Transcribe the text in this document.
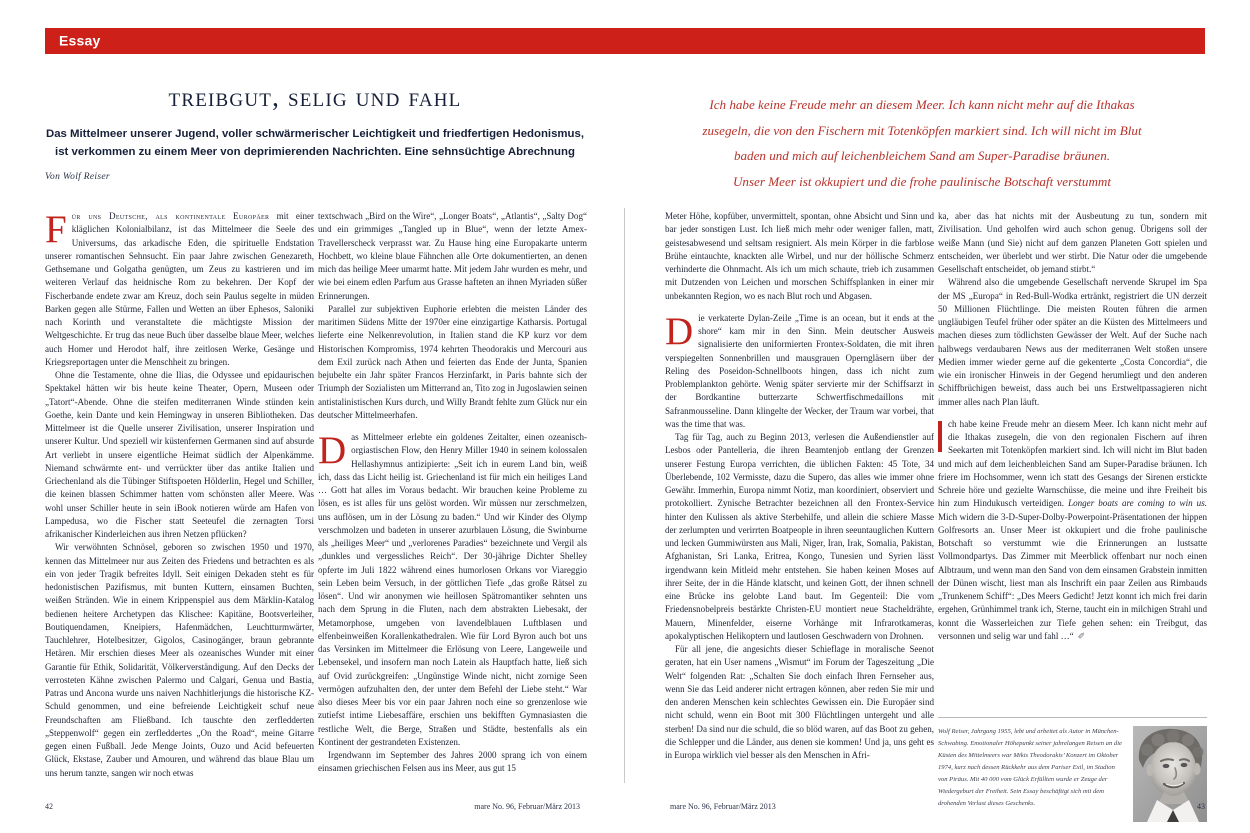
Essay
treibgut, selig und fahl

Das Mittelmeer unserer Jugend, voller schwärmerischer Leichtigkeit und friedfertigen Hedonismus,

ist verkommen zu einem Meer von deprimierenden Nachrichten. Eine sehnsüchtige Abrechnung

Von Wolf Reiser

Für uns Deutsche, als kontinentale Europäer mit einer kläglichen Kolonialbilanz, ist das Mittelmeer die Seele des Universums, das arkadische Eden, die spirituelle Endstation unserer romantischen Sehnsucht. Ein paar Jahre zwischen Genezareth, Gethsemane und Golgatha genügten, um Zeus zu kastrieren und im weiteren Verlauf das heidnische Rom zu bekehren. Der Kopf der Fischerbande endete zwar am Kreuz, doch sein Paulus segelte in müden Barken gegen alle Stürme, Fallen und Wetten an über Ephesos, Saloniki nach Korinth und veranstaltete die mächtigste Mission der Weltgeschichte. Er trug das neue Buch über dasselbe blaue Meer, welches auch Homer und Herodot half, ihre zeitlosen Werke, Gesänge und Kriegsreportagen unter die Menschheit zu bringen.

Ohne die Testamente, ohne die Ilias, die Odyssee und epidaurischen Spektakel hätten wir bis heute keine Theater, Opern, Museen oder „Tatort“-Abende. Ohne die steifen mediterranen Winde stünden kein Goethe, kein Dante und kein Hemingway in unseren Bibliotheken. Das Mittelmeer ist die Quelle unserer Zivilisation, unserer Inspiration und unserer Kultur. Und speziell wir küstenfernen Germanen sind auf absurde Art verliebt in unsere eigentliche Heimat südlich der Alpenkämme. Niemand schwärmte ent- und verrückter über das antike Italien und Griechenland als die Tübinger Stiftspoeten Hölderlin, Hegel und Schiller, die keinen blassen Schimmer hatten vom schönsten aller Meere. Was wohl unser Schiller heute in sein iBook notieren würde am Hafen von Lampedusa, wo die Fischer statt Seeteufel die zernagten Torsi afrikanischer Kinderleichen aus ihren Netzen pflücken?

Wir verwöhnten Schnösel, geboren so zwischen 1950 und 1970, kennen das Mittelmeer nur aus Zeiten des Friedens und betrachten es als ein von jeder Tragik befreites Idyll. Seit einigen Dekaden steht es für hedonistischen Pazifismus, mit bunten Kuttern, einsamen Buchten, weißen Stränden. Wie in einem Krippenspiel aus dem Märklin-Katalog bedienen heitere Archetypen das Klischee: Kapitäne, Bootsverleiher, Boutiquendamen, Kneipiers, Hafenmädchen, Leuchtturmwärter, Tauchlehrer, Hotelbesitzer, Gigolos, Casinogänger, braun gebrannte Hetären. Mir erschien dieses Meer als ozeanisches Wunder mit einer Garantie für Ethik, Solidarität, Völkerverständigung. Auf den Decks der verrosteten Kähne zwischen Palermo und Calgari, Genua und Bastia, Patras und Ancona wurde uns naiven Nachhitlerjungs die historische KZ-Schuld genommen, und eine befreiende Leichtigkeit schuf neue Freundschaften am Fließband. Ich tauschte den zerfledderten „Steppenwolf“ gegen ein zerfleddertes „On the Road“, meine Gitarre gegen einen Fußball. Jede Menge Joints, Ouzo und Acid befeuerten Glück, Ekstase, Zauber und Amouren, und während das blaue Blau um uns herum tanzte, sangen wir noch etwas

textschwach „Bird on the Wire“, „Longer Boats“, „Atlantis“, „Salty Dog“ und ein grimmiges „Tangled up in Blue“, wenn der letzte Amex-Travellerscheck verprasst war. Zu Hause hing eine Europakarte unterm Hochbett, wo kleine blaue Fähnchen alle Orte dokumentierten, an denen mich das heilige Meer umarmt hatte. Mit jedem Jahr wurden es mehr, und wie bei einem edlen Parfum aus Grasse hafteten an ihnen Myriaden süßer Erinnerungen.

Parallel zur subjektiven Euphorie erlebten die meisten Länder des maritimen Südens Mitte der 1970er eine einzigartige Katharsis. Portugal lieferte eine Nelkenrevolution, in Italien stand die KP kurz vor dem Historischen Kompromiss, 1974 kehrten Theodorakis und Mercouri aus dem Exil zurück nach Athen und feierten das Ende der Junta, Spanien bejubelte ein Jahr später Francos Herzinfarkt, in Paris bahnte sich der Triumph der Sozialisten um Mitterrand an, Tito zog in Jugoslawien seinen antistalinistischen Kurs durch, und Willy Brandt fehlte zum Glück nur ein deutscher Mittelmeerhafen.

Das Mittelmeer erlebte ein goldenes Zeitalter, einen ozeanisch-orgiastischen Flow, den Henry Miller 1940 in seinem kolossalen Hellashymnus antizipierte: „Seit ich in eurem Land bin, weiß ich, dass das Licht heilig ist. Griechenland ist für mich ein heiliges Land … Gott hat alles im Voraus bedacht. Wir brauchen keine Probleme zu lösen, es ist alles für uns gelöst worden. Wir müssen nur zerschmelzen, uns auflösen, um in der Lösung zu baden.“ Und wir Kinder des Olymp verschmolzen und badeten in unserer azurblauen Lösung, die Swinburne als „heiliges Meer“ und „verlorenes Paradies“ bezeichnete und Vergil als „dunkles und vergessliches Reich“. Der 30-jährige Dichter Shelley opferte im Juli 1822 während eines humorlosen Orkans vor Viareggio sein Leben beim Versuch, in der göttlichen Tiefe „das große Rätsel zu lösen“. Und wir anonymen wie heillosen Spätromantiker sehnten uns nach dem Sprung in die Fluten, nach dem abstrakten Liebesakt, der Metamorphose, umgeben von lavendelblauen Luftblasen und elfenbeinweißen Korallenkathedralen. Wie für Lord Byron auch bot uns das Versinken im Mittelmeer die Erlösung von Leere, Langeweile und Lebensekel, und insofern man noch Latein als Hauptfach hatte, ließ sich auf Ovid zurückgreifen: „Ungünstige Winde nicht, nicht zornige Seen vermögen aufzuhalten den, der unter dem Befehl der Liebe steht.“ War also dieses Meer bis vor ein paar Jahren noch eine so grenzenlose wie zutiefst intime Liebesaffäre, erschien uns bekifften Gymnasiasten die restliche Welt, die Berge, Straßen und Städte, bestenfalls als ein Kontinent der gestrandeten Existenzen.

Irgendwann im September des Jahres 2000 sprang ich von einem einsamen griechischen Felsen aus ins Meer, aus gut 15

42	mare No. 96, Februar/März 2013
Ich habe keine Freude mehr an diesem Meer. Ich kann nicht mehr auf die Ithakas
zusegeln, die von den Fischern mit Totenköpfen markiert sind. Ich will nicht im Blut
baden und mich auf leichenbleichem Sand am Super-Paradise bräunen.
Unser Meer ist okkupiert und die frohe paulinische Botschaft verstummt

Meter Höhe, kopfüber, unvermittelt, spontan, ohne Absicht und Sinn und bar jeder sonstigen Lust. Ich ließ mich mehr oder weniger fallen, matt, geistesabwesend und seltsam resigniert. Als mein Körper in die farblose Brühe eintauchte, knackten alle Wirbel, und nur der höllische Schmerz verhinderte die Ohnmacht. Als ich um mich schaute, trieb ich zusammen mit Dutzenden von Leichen und morschen Schiffsplanken in einer mir unbekannten Region, wo es nach Blut roch und Abgasen.

Die verkaterte Dylan-Zeile „Time is an ocean, but it ends at the shore“ kam mir in den Sinn. Mein deutscher Ausweis signalisierte den uniformierten Frontex-Soldaten, die mit ihren verspiegelten Sonnenbrillen und mausgrauen Operngläsern über der Reling des Poseidon-Schnellboots hingen, dass ich nicht zum Problemplankton gehörte. Wenig später servierte mir der Schiffsarzt in der Bordkantine butterzarte Schwertfischmedaillons mit Safranmousseline. Dann klingelte der Wecker, der Traum war vorbei, that was the time that was.

Tag für Tag, auch zu Beginn 2013, verlesen die Außendienstler auf Lesbos oder Pantelleria, die ihren Beamtenjob entlang der Grenzen unserer Festung Europa verrichten, die üblichen Fakten: 45 Tote, 34 Überlebende, 102 Vermisste, dazu die Supero, das alles wie immer ohne Gewähr. Immerhin, Europa nimmt Notiz, man koordiniert, observiert und protokolliert. Zynische Betrachter bezeichnen all den Frontex-Service hinter den Kulissen als aktive Sterbehilfe, und allein die schiere Masse der zerlumpten und verirrten Boatpeople in ihren seeuntauglichen Kuttern und lecken Gummiwürsten aus Mali, Niger, Iran, Irak, Somalia, Pakistan, Afghanistan, Sri Lanka, Eritrea, Kongo, Tunesien und Syrien lässt irgendwann kein Mitleid mehr entstehen. Sie haben keinen Moses auf ihrer Seite, der in die Hände klatscht, und keinen Gott, der ihnen schnell eine Brücke ins gelobte Land baut. Im Gegenteil: Die vom Friedensnobelpreis bestärkte Christen-EU montiert neue Stacheldrähte, Mauern, Minenfelder, eiserne Vorhänge mit Infrarotkameras, apokalyptischen Helikoptern und lautlosen Geschwadern von Drohnen.

Für all jene, die angesichts dieser Schieflage in moralische Seenot geraten, hat ein User namens „Wismut“ im Forum der Tageszeitung „Die Welt“ folgenden Rat: „Schalten Sie doch einfach Ihren Fernseher aus, wenn Sie das Leid anderer nicht ertragen können, aber reden Sie mir und den anderen Menschen kein schlechtes Gewissen ein. Die Europäer sind nicht schuld, wenn ein Boot mit 300 Flüchtlingen untergeht und alle sterben! Da sind nur die schuld, die so blöd waren, auf das Boot zu gehen, die Schlepper und die Länder, aus denen sie kommen! Und ja, uns geht es in Europa wirklich viel besser als den Menschen in Afri-

ka, aber das hat nichts mit der Ausbeutung zu tun, sondern mit Zivilisation. Und geholfen wird auch schon genug. Übrigens soll der weiße Mann (und Sie) nicht auf dem ganzen Planeten Gott spielen und entscheiden, wer überlebt und wer stirbt. Die Natur oder die umgebende Gesellschaft entscheidet, ob jemand stirbt.“

Während also die umgebende Gesellschaft nervende Skrupel im Spa der MS „Europa“ in Red-Bull-Wodka ertränkt, registriert die UN derzeit 50 Millionen Flüchtlinge. Die meisten Routen führen die armen ungläubigen Teufel früher oder später an die Küsten des Mittelmeers und machen dieses zum tödlichsten Gewässer der Welt. Auf der Suche nach halbwegs verdaubaren News aus der mediterranen Welt stoßen unsere Medien immer wieder gerne auf die gekenterte „Costa Concordia“, die wie ein ironischer Hinweis in der Gegend herumliegt und den anderen Schiffbrüchigen beweist, dass auch bei uns Erstweltpassagieren nicht immer alles nach Plan läuft.

ch habe keine Freude mehr an diesem Meer. Ich kann nicht mehr auf die Ithakas zusegeln, die von den regionalen Fischern auf ihren Seekarten mit Totenköpfen markiert sind. Ich will nicht im Blut baden und mich auf dem leichenbleichen Sand am Super-Paradise bräunen. Ich friere im Hochsommer, wenn ich statt des Gesangs der Sirenen erstickte Schreie höre und gezielte Warnschüsse, die meine und ihre Freiheit bis hin zum Hindukusch verteidigen. Longer boats are coming to win us. Mich widern die 3-D-Super-Dolby-Powerpoint-Präsentationen der hippen Golfresorts an. Unser Meer ist okkupiert und die frohe paulinische Botschaft so verstummt wie die Erinnerungen an lustsatte Vollmondpartys. Das Zimmer mit Meerblick offenbart nur noch einen Albtraum, und wenn man den Sand von dem einsamen Grabstein inmitten der Dünen wischt, liest man als Inschrift ein paar Zeilen aus Rimbauds „Trunkenem Schiff“: „Des Meers Gedicht! Jetzt konnt ich mich frei darin ergehen, Grünhimmel trank ich, Sterne, taucht ein in milchigen Strahl und konnt die Wasserleichen zur Tiefe gehen sehen: ein Treibgut, das versonnen und selig war und fahl …“ ✐

Wolf Reiser, Jahrgang 1955, lebt und arbeitet als Autor in München-Schwabing. Emotionaler Höhepunkt seiner jahrelangen Reisen an die Küsten des Mittelmeers war Mikis Theodorakis’ Konzert im Oktober 1974, kurz nach dessen Rückkehr aus dem Pariser Exil, im Stadion von Piräus. Mit 40 000 vom Glück Erfüllten wurde er Zeuge der Wiedergeburt der Freiheit. Sein Essay beschäftigt sich mit dem drohenden Verlust dieses Geschenks.
mare No. 96, Februar/März 2013	43
